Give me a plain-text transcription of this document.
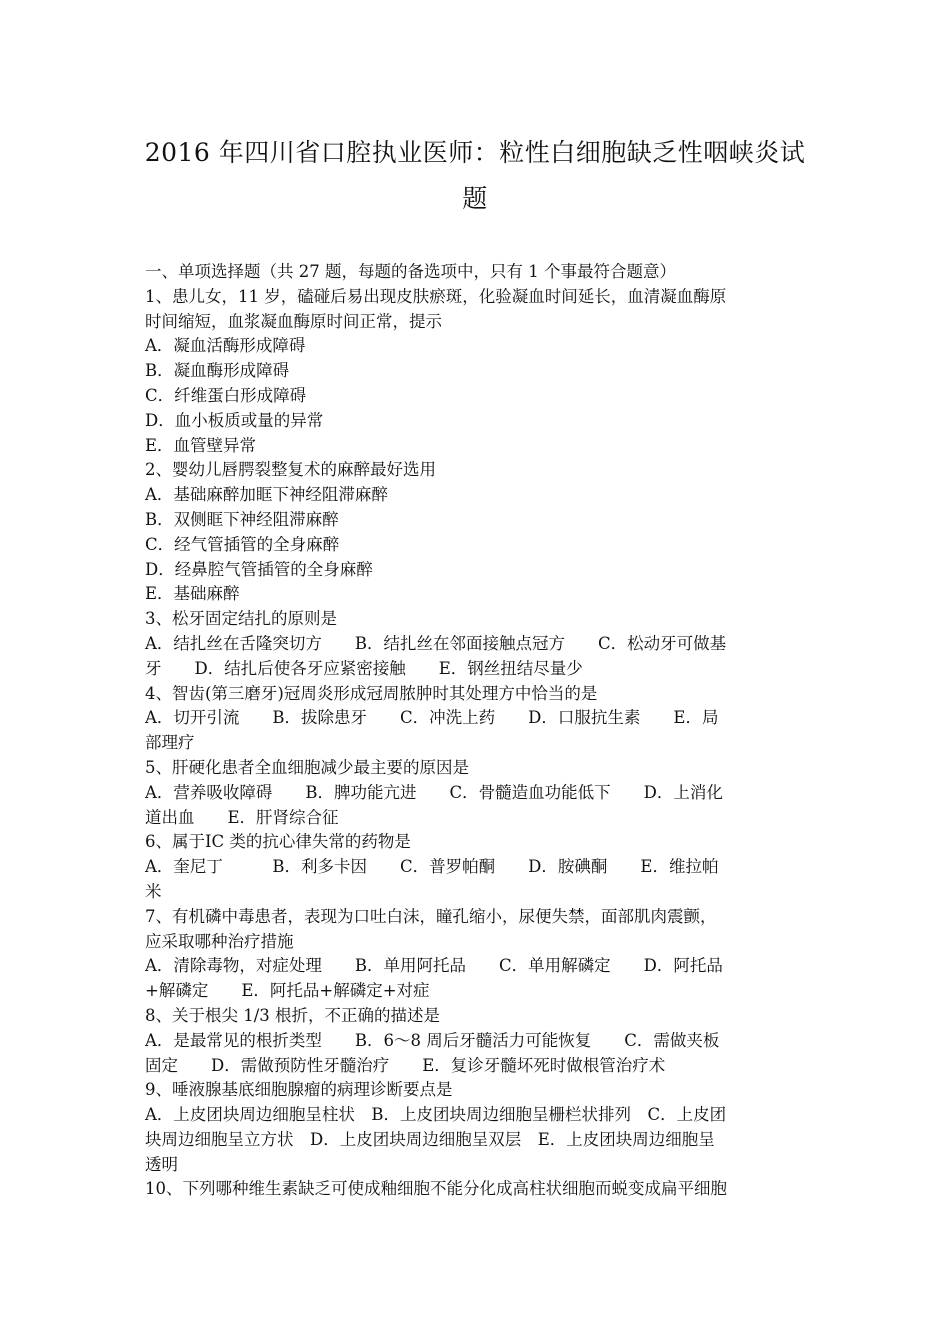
2016 年四川省口腔执业医师：粒性白细胞缺乏性咽峡炎试
题
一、单项选择题（共 27 题，每题的备选项中，只有 1 个事最符合题意）
1、患儿女，11 岁，磕碰后易出现皮肤瘀斑，化验凝血时间延长，血清凝血酶原
时间缩短，血浆凝血酶原时间正常，提示
A．凝血活酶形成障碍
B．凝血酶形成障碍
C．纤维蛋白形成障碍
D．血小板质或量的异常
E．血管壁异常
2、婴幼儿唇腭裂整复术的麻醉最好选用
A．基础麻醉加眶下神经阻滞麻醉
B．双侧眶下神经阻滞麻醉
C．经气管插管的全身麻醉
D．经鼻腔气管插管的全身麻醉
E．基础麻醉
3、松牙固定结扎的原则是
A．结扎丝在舌隆突切方　　B．结扎丝在邻面接触点冠方　　C．松动牙可做基
牙　　D．结扎后使各牙应紧密接触　　E．钢丝扭结尽量少
4、智齿(第三磨牙)冠周炎形成冠周脓肿时其处理方中恰当的是
A．切开引流　　B．拔除患牙　　C．冲洗上药　　D．口服抗生素　　E．局
部理疗
5、肝硬化患者全血细胞减少最主要的原因是
A．营养吸收障碍　　B．脾功能亢进　　C．骨髓造血功能低下　　D．上消化
道出血　　E．肝肾综合征
6、属于ⅠC 类的抗心律失常的药物是
A．奎尼丁　　　B．利多卡因　　C．普罗帕酮　　D．胺碘酮　　E．维拉帕
米
7、有机磷中毒患者，表现为口吐白沫，瞳孔缩小，尿便失禁，面部肌肉震颤，
应采取哪种治疗措施
A．清除毒物，对症处理　　B．单用阿托品　　C．单用解磷定　　D．阿托品
+解磷定　　E．阿托品+解磷定+对症
8、关于根尖 1/3 根折，不正确的描述是
A．是最常见的根折类型　　B．6～8 周后牙髓活力可能恢复　　C．需做夹板
固定　　D．需做预防性牙髓治疗　　E．复诊牙髓坏死时做根管治疗术
9、唾液腺基底细胞腺瘤的病理诊断要点是
A．上皮团块周边细胞呈柱状　B．上皮团块周边细胞呈栅栏状排列　C．上皮团
块周边细胞呈立方状　D．上皮团块周边细胞呈双层　E．上皮团块周边细胞呈
透明
10、下列哪种维生素缺乏可使成釉细胞不能分化成高柱状细胞而蜕变成扁平细胞
